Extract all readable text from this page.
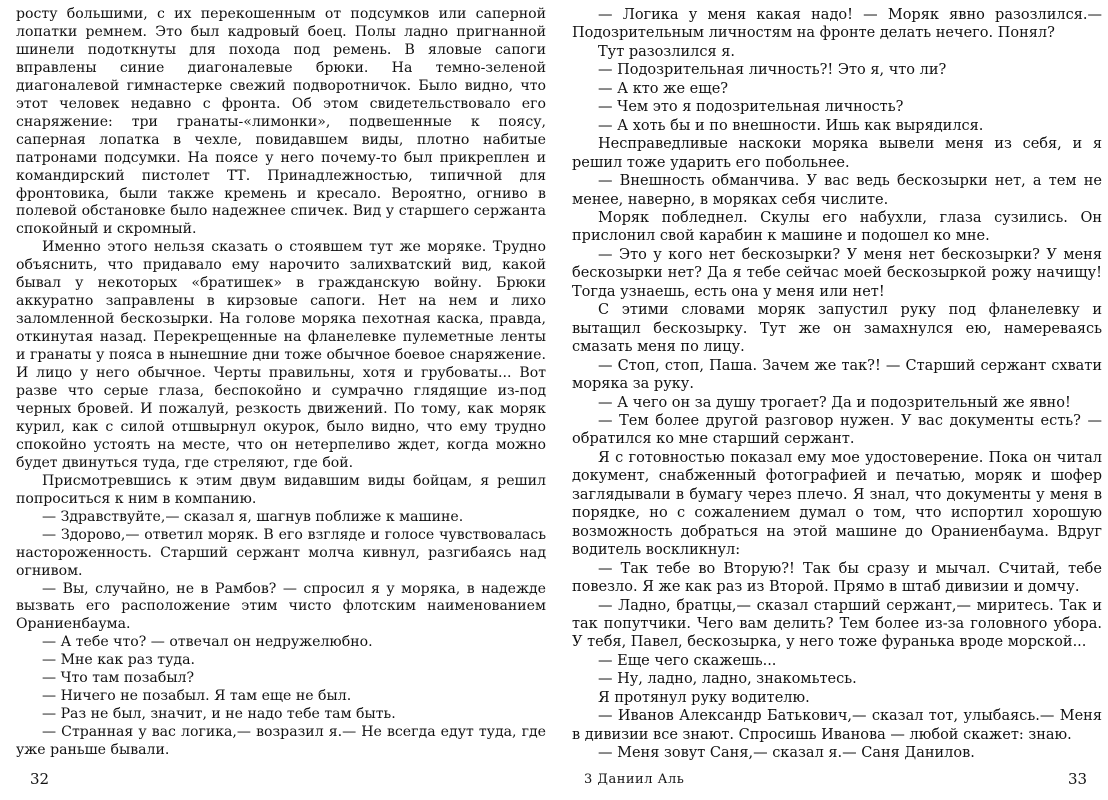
росту большими, с их перекошенным от подсумков или саперной лопатки ремнем. Это был кадровый боец. Полы ладно пригнанной шинели подоткнуты для похода под ремень. В яловые сапоги вправлены синие диагоналевые брюки. На темно-зеленой диагоналевой гимнастерке свежий подворотничок. Было видно, что этот человек недавно с фронта. Об этом свидетельствовало его снаряжение: три гранаты-«лимонки», подвешенные к поясу, саперная лопатка в чехле, повидавшем виды, плотно набитые патронами подсумки. На поясе у него почему-то был прикреплен и командирский пистолет ТТ. Принадлежностью, типичной для фронтовика, были также кремень и кресало. Вероятно, огниво в полевой обстановке было надежнее спичек. Вид у старшего сержанта спокойный и скромный.

Именно этого нельзя сказать о стоявшем тут же моряке. Трудно объяснить, что придавало ему нарочито залихватский вид, какой бывал у некоторых «братишек» в гражданскую войну. Брюки аккуратно заправлены в кирзовые сапоги. Нет на нем и лихо заломленной бескозырки. На голове моряка пехотная каска, правда, откинутая назад. Перекрещенные на фланелевке пулеметные ленты и гранаты у пояса в нынешние дни тоже обычное боевое снаряжение. И лицо у него обычное. Черты правильны, хотя и грубоваты... Вот разве что серые глаза, беспокойно и сумрачно глядящие из-под черных бровей. И пожалуй, резкость движений. По тому, как моряк курил, как с силой отшвырнул окурок, было видно, что ему трудно спокойно устоять на месте, что он нетерпеливо ждет, когда можно будет двинуться туда, где стреляют, где бой.

Присмотревшись к этим двум видавшим виды бойцам, я решил попроситься к ним в компанию.

— Здравствуйте,— сказал я, шагнув поближе к машине.

— Здорово,— ответил моряк. В его взгляде и голосе чувствовалась настороженность. Старший сержант молча кивнул, разгибаясь над огнивом.

— Вы, случайно, не в Рамбов? — спросил я у моряка, в надежде вызвать его расположение этим чисто флотским наименованием Ораниенбаума.

— А тебе что? — отвечал он недружелюбно.

— Мне как раз туда.

— Что там позабыл?

— Ничего не позабыл. Я там еще не был.

— Раз не был, значит, и не надо тебе там быть.

— Странная у вас логика,— возразил я.— Не всегда едут туда, где уже раньше бывали.

32

— Логика у меня какая надо! — Моряк явно разозлился.— Подозрительным личностям на фронте делать нечего. Понял?

Тут разозлился я.

— Подозрительная личность?! Это я, что ли?

— А кто же еще?

— Чем это я подозрительная личность?

— А хоть бы и по внешности. Ишь как вырядился.

Несправедливые наскоки моряка вывели меня из себя, и я решил тоже ударить его побольнее.

— Внешность обманчива. У вас ведь бескозырки нет, а тем не менее, наверно, в моряках себя числите.

Моряк побледнел. Скулы его набухли, глаза сузились. Он прислонил свой карабин к машине и подошел ко мне.

— Это у кого нет бескозырки? У меня нет бескозырки? У меня бескозырки нет? Да я тебе сейчас моей бескозыркой рожу начищу! Тогда узнаешь, есть она у меня или нет!

С этими словами моряк запустил руку под фланелевку и вытащил бескозырку. Тут же он замахнулся ею, намереваясь смазать меня по лицу.

— Стоп, стоп, Паша. Зачем же так?! — Старший сержант схвати моряка за руку.

— А чего он за душу трогает? Да и подозрительный же явно!

— Тем более другой разговор нужен. У вас документы есть? — обратился ко мне старший сержант.

Я с готовностью показал ему мое удостоверение. Пока он читал документ, снабженный фотографией и печатью, моряк и шофер заглядывали в бумагу через плечо. Я знал, что документы у меня в порядке, но с сожалением думал о том, что испортил хорошую возможность добраться на этой машине до Ораниенбаума. Вдруг водитель воскликнул:

— Так тебе во Вторую?! Так бы сразу и мычал. Считай, тебе повезло. Я же как раз из Второй. Прямо в штаб дивизии и домчу.

— Ладно, братцы,— сказал старший сержант,— миритесь. Так и так попутчики. Чего вам делить? Тем более из-за головного убора. У тебя, Павел, бескозырка, у него тоже фуранька вроде морской...

— Еще чего скажешь...

— Ну, ладно, ладно, знакомьтесь.

Я протянул руку водителю.

— Иванов Александр Батькович,— сказал тот, улыбаясь.— Меня в дивизии все знают. Спросишь Иванова — любой скажет: знаю.

— Меня зовут Саня,— сказал я.— Саня Данилов.

3 Даниил Аль	33
